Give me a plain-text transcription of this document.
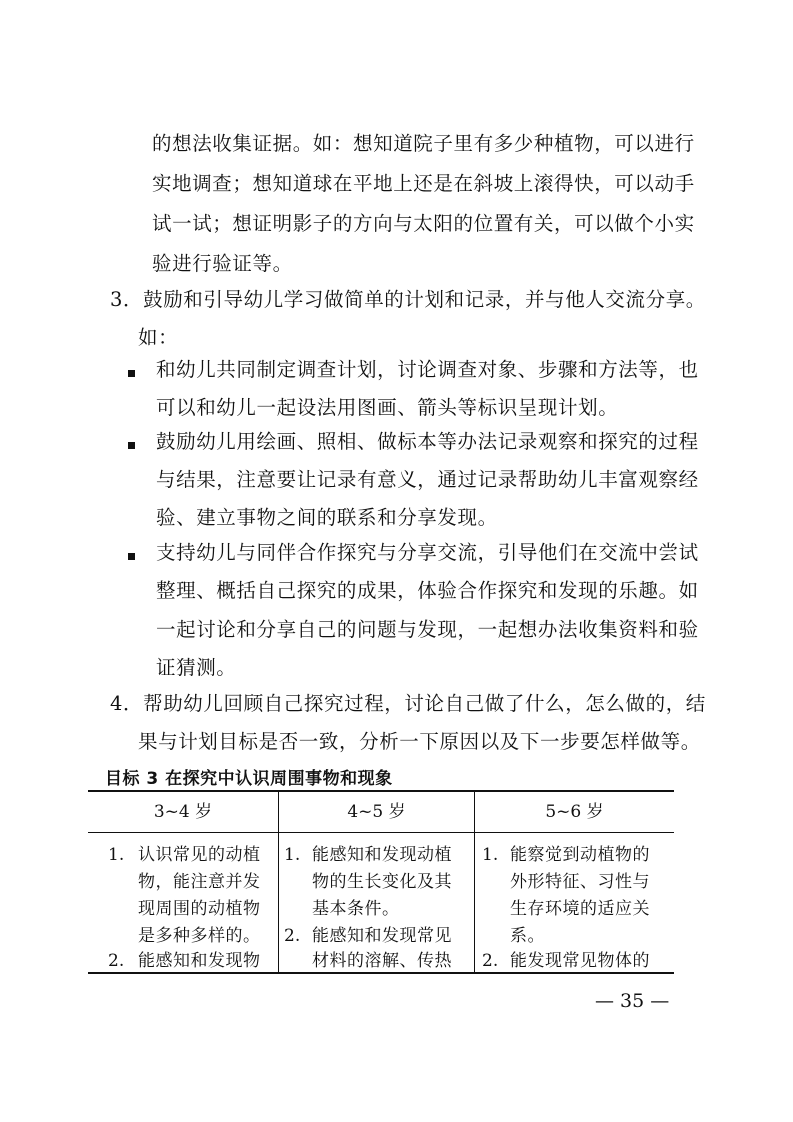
的想法收集证据。如：想知道院子里有多少种植物，可以进行
实地调查；想知道球在平地上还是在斜坡上滚得快，可以动手
试一试；想证明影子的方向与太阳的位置有关，可以做个小实
验进行验证等。
3．鼓励和引导幼儿学习做简单的计划和记录，并与他人交流分享。
如：
和幼儿共同制定调查计划，讨论调查对象、步骤和方法等，也
可以和幼儿一起设法用图画、箭头等标识呈现计划。
鼓励幼儿用绘画、照相、做标本等办法记录观察和探究的过程
与结果，注意要让记录有意义，通过记录帮助幼儿丰富观察经
验、建立事物之间的联系和分享发现。
支持幼儿与同伴合作探究与分享交流，引导他们在交流中尝试
整理、概括自己探究的成果，体验合作探究和发现的乐趣。如
一起讨论和分享自己的问题与发现，一起想办法收集资料和验
证猜测。
4．帮助幼儿回顾自己探究过程，讨论自己做了什么，怎么做的，结
果与计划目标是否一致，分析一下原因以及下一步要怎样做等。
目标 3 在探究中认识周围事物和现象
3~4 岁	4~5 岁	5~6 岁
1. 认识常见的动植
物，能注意并发
现周围的动植物
是多种多样的。
2. 能感知和发现物
1. 能感知和发现动植
物的生长变化及其
基本条件。
2. 能感知和发现常见
材料的溶解、传热
1. 能察觉到动植物的
外形特征、习性与
生存环境的适应关
系。
2. 能发现常见物体的
— 35 —
